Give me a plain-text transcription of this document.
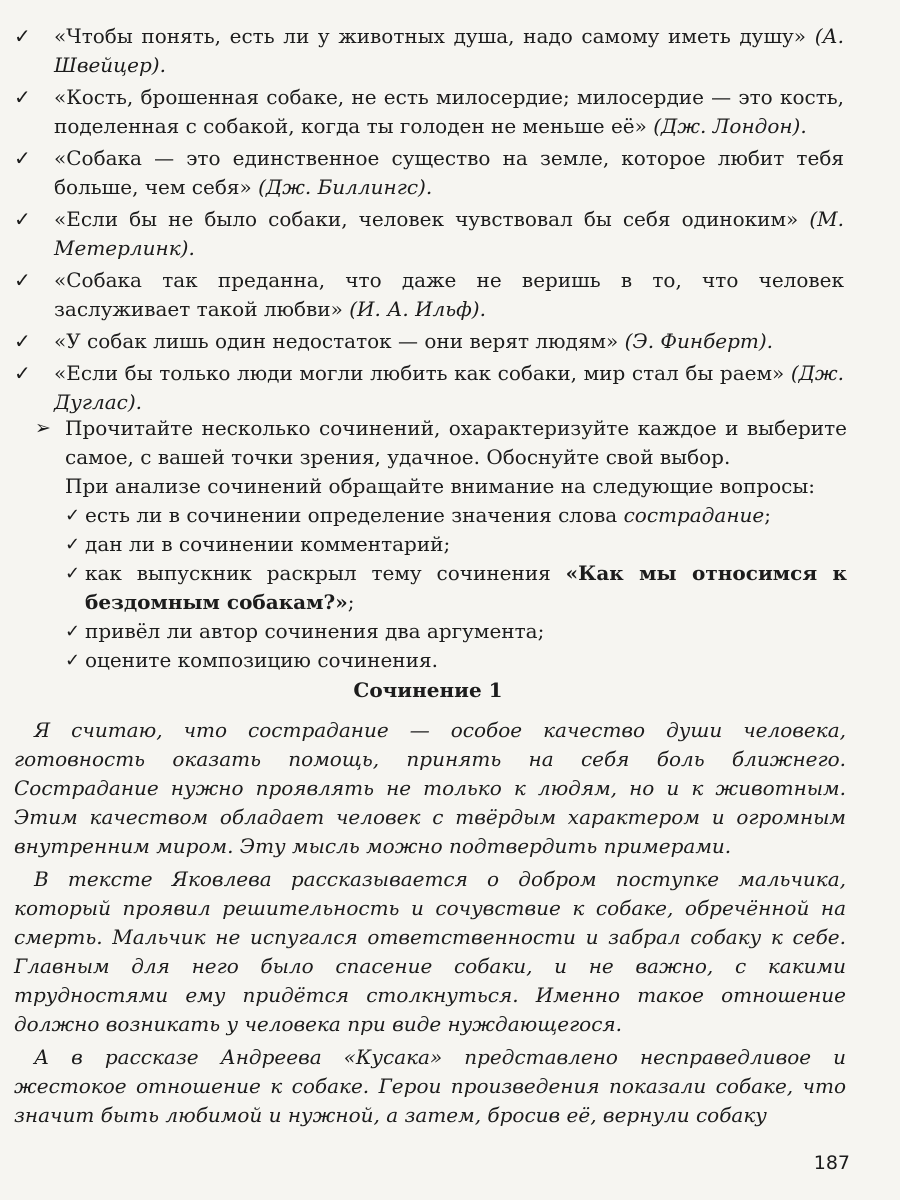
✓ «Чтобы понять, есть ли у животных душа, надо самому иметь душу» (А. Швейцер).
✓ «Кость, брошенная собаке, не есть милосердие; милосердие — это кость, поделенная с собакой, когда ты голоден не меньше её» (Дж. Лондон).
✓ «Собака — это единственное существо на земле, которое любит тебя больше, чем себя» (Дж. Биллингс).
✓ «Если бы не было собаки, человек чувствовал бы себя одиноким» (М. Метерлинк).
✓ «Собака так преданна, что даже не веришь в то, что человек заслуживает такой любви» (И. А. Ильф).
✓ «У собак лишь один недостаток — они верят людям» (Э. Финберт).
✓ «Если бы только люди могли любить как собаки, мир стал бы раем» (Дж. Дуглас).
➢ Прочитайте несколько сочинений, охарактеризуйте каждое и выберите самое, с вашей точки зрения, удачное. Обоснуйте свой выбор.
При анализе сочинений обращайте внимание на следующие вопросы:
✓ есть ли в сочинении определение значения слова сострадание;
✓ дан ли в сочинении комментарий;
✓ как выпускник раскрыл тему сочинения «Как мы относимся к бездомным собакам?»;
✓ привёл ли автор сочинения два аргумента;
✓ оцените композицию сочинения.
Сочинение 1

Я считаю, что сострадание — особое качество души человека, готовность оказать помощь, принять на себя боль ближнего. Сострадание нужно проявлять не только к людям, но и к животным. Этим качеством обладает человек с твёрдым характером и огромным внутренним миром. Эту мысль можно подтвердить примерами.

В тексте Яковлева рассказывается о добром поступке мальчика, который проявил решительность и сочувствие к собаке, обречённой на смерть. Мальчик не испугался ответственности и забрал собаку к себе. Главным для него было спасение собаки, и не важно, с какими трудностями ему придётся столкнуться. Именно такое отношение должно возникать у человека при виде нуждающегося.

А в рассказе Андреева «Кусака» представлено несправедливое и жестокое отношение к собаке. Герои произведения показали собаке, что значит быть любимой и нужной, а затем, бросив её, вернули собаку

187
